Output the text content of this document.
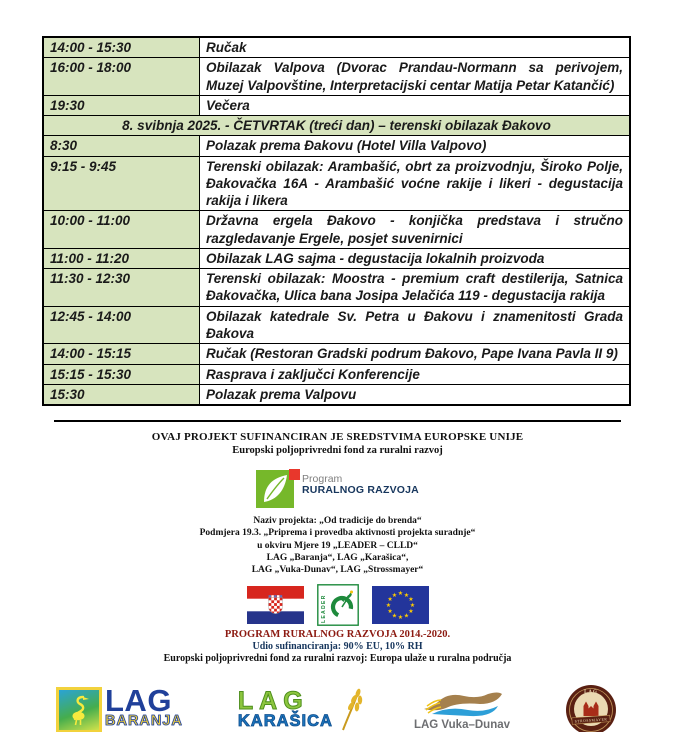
14:00 - 15:30	Ručak
16:00 - 18:00	Obilazak Valpova (Dvorac Prandau-Normann sa perivojem, Muzej Valpovštine, Interpretacijski centar Matija Petar Katančić)
19:30	Večera
8. svibnja 2025. - ČETVRTAK (treći dan) – terenski obilazak Đakovo	
8:30	Polazak prema Đakovu (Hotel Villa Valpovo)
9:15 - 9:45	Terenski obilazak: Arambašić, obrt za proizvodnju, Široko Polje, Đakovačka 16A - Arambašić voćne rakije i likeri - degustacija rakija i likera
10:00 - 11:00	Državna ergela Đakovo - konjička predstava i stručno razgledavanje Ergele, posjet suvenirnici
11:00 - 11:20	Obilazak LAG sajma - degustacija lokalnih proizvoda
11:30 - 12:30	Terenski obilazak: Moostra - premium craft destilerija, Satnica Đakovačka, Ulica bana Josipa Jelačića 119 - degustacija rakija
12:45 - 14:00	Obilazak katedrale Sv. Petra u Đakovu i znamenitosti Grada Đakova
14:00 - 15:15	Ručak (Restoran Gradski podrum Đakovo, Pape Ivana Pavla II 9)
15:15 - 15:30	Rasprava i zaključci Konferencije
15:30	Polazak prema Valpovu
OVAJ PROJEKT SUFINANCIRAN JE SREDSTVIMA EUROPSKE UNIJE
Europski poljoprivredni fond za ruralni razvoj
Program
RURALNOG RAZVOJA
Naziv projekta: „Od tradicije do brenda“
Podmjera 19.3. „Priprema i provedba aktivnosti projekta suradnje“
u okviru Mjere 19 „LEADER – CLLD“
LAG „Baranja“, LAG „Karašica“,
LAG „Vuka-Dunav“, LAG „Strossmayer“
LEADER
★ ★
★
★
★
★
★
★
★
★
★
★
PROGRAM RURALNOG RAZVOJA 2014.-2020.
Udio sufinanciranja: 90% EU, 10% RH
Europski poljoprivredni fond za ruralni razvoj: Europa ulaže u ruralna područja
LAG
BARANJA
LAG
KARAŠICA	LAG Vuka–Dunav
LAG
STROSSMAYER
